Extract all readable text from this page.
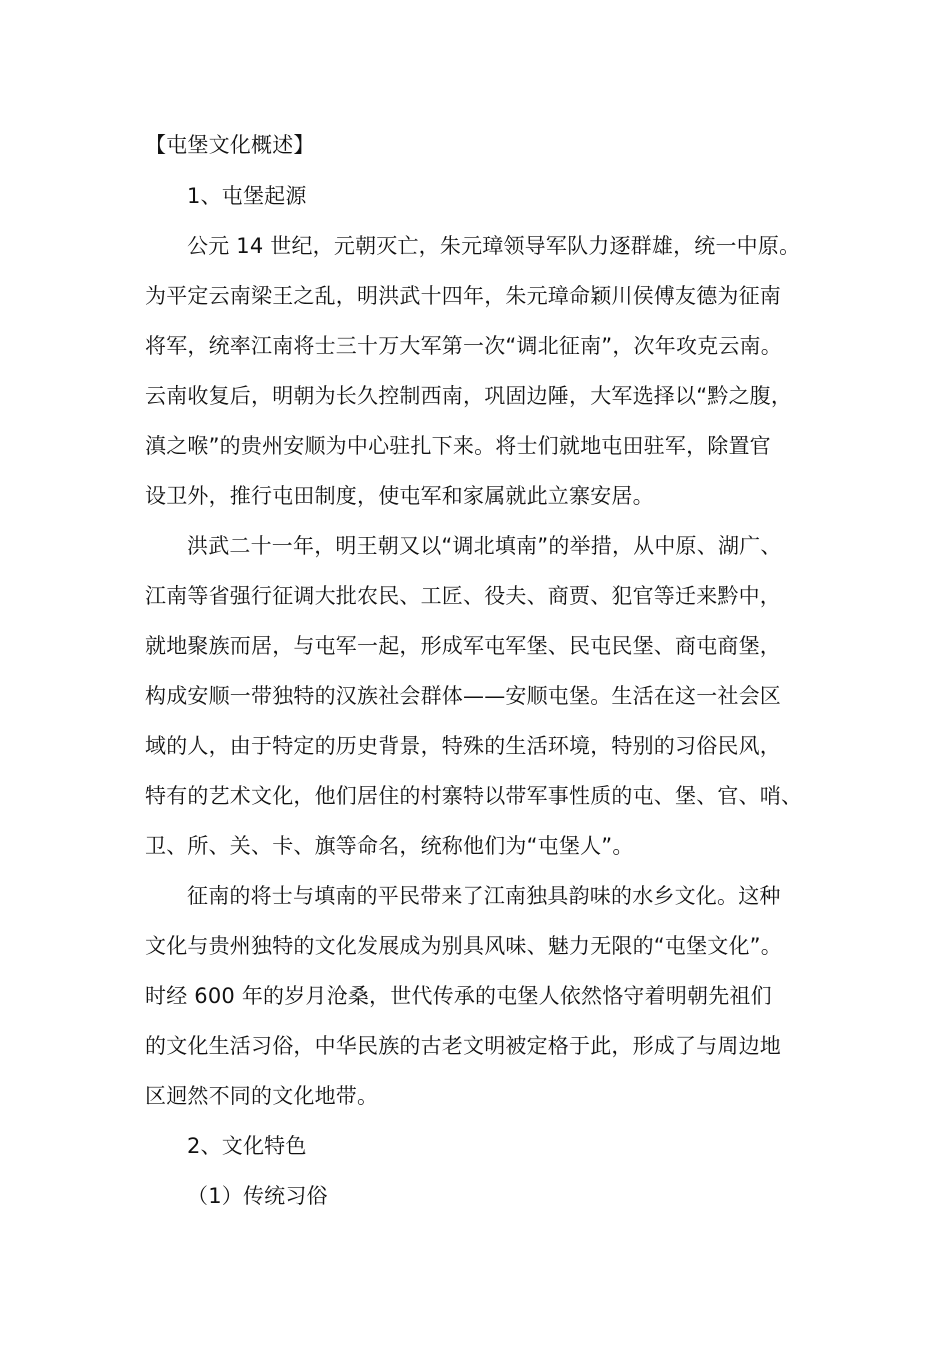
【屯堡文化概述】
1、屯堡起源
公元 14 世纪，元朝灭亡，朱元璋领导军队力逐群雄，统一中原。
为平定云南梁王之乱，明洪武十四年，朱元璋命颖川侯傅友德为征南
将军，统率江南将士三十万大军第一次“调北征南”，次年攻克云南。
云南收复后，明朝为长久控制西南，巩固边陲，大军选择以“黔之腹，
滇之喉”的贵州安顺为中心驻扎下来。将士们就地屯田驻军，除置官
设卫外，推行屯田制度，使屯军和家属就此立寨安居。
洪武二十一年，明王朝又以“调北填南”的举措，从中原、湖广、
江南等省强行征调大批农民、工匠、役夫、商贾、犯官等迁来黔中，
就地聚族而居，与屯军一起，形成军屯军堡、民屯民堡、商屯商堡，
构成安顺一带独特的汉族社会群体——安顺屯堡。生活在这一社会区
域的人，由于特定的历史背景，特殊的生活环境，特别的习俗民风，
特有的艺术文化，他们居住的村寨特以带军事性质的屯、堡、官、哨、
卫、所、关、卡、旗等命名，统称他们为“屯堡人”。
征南的将士与填南的平民带来了江南独具韵味的水乡文化。这种
文化与贵州独特的文化发展成为别具风味、魅力无限的“屯堡文化”。
时经 600 年的岁月沧桑，世代传承的屯堡人依然恪守着明朝先祖们
的文化生活习俗，中华民族的古老文明被定格于此，形成了与周边地
区迥然不同的文化地带。
2、文化特色
（1）传统习俗
